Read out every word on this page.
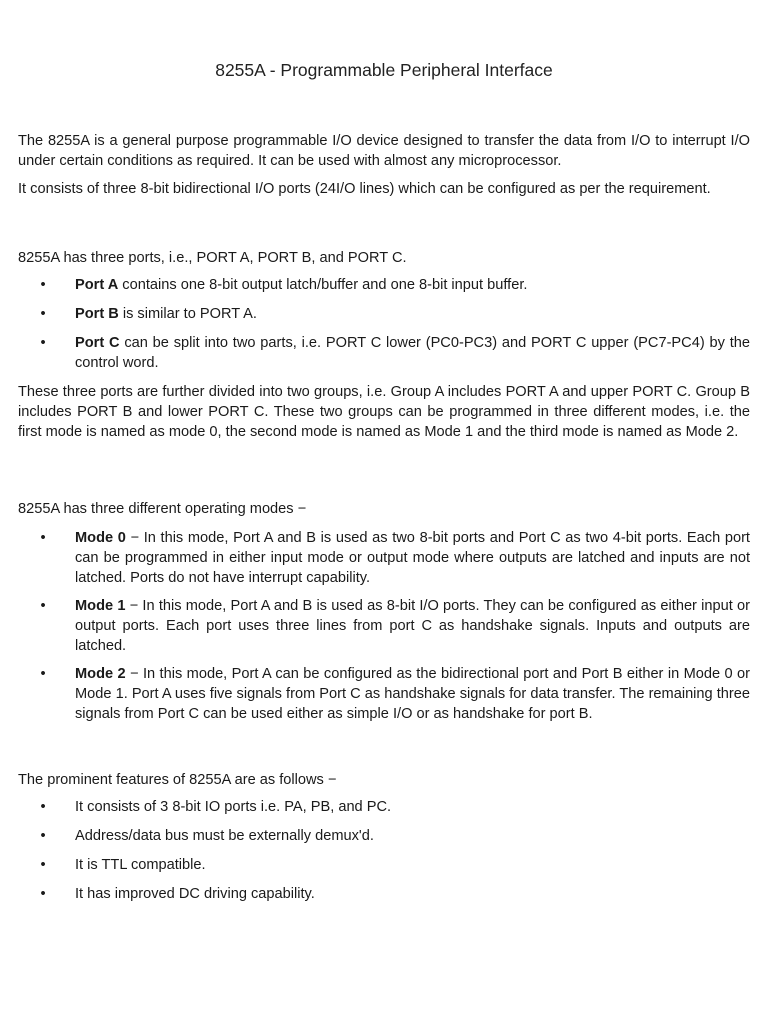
8255A - Programmable Peripheral Interface

The 8255A is a general purpose programmable I/O device designed to transfer the data from I/O to interrupt I/O under certain conditions as required. It can be used with almost any microprocessor.

It consists of three 8-bit bidirectional I/O ports (24I/O lines) which can be configured as per the requirement.

8255A has three ports, i.e., PORT A, PORT B, and PORT C.

• Port A contains one 8-bit output latch/buffer and one 8-bit input buffer.
• Port B is similar to PORT A.
• Port C can be split into two parts, i.e. PORT C lower (PC0-PC3) and PORT C upper (PC7-PC4) by the control word.

These three ports are further divided into two groups, i.e. Group A includes PORT A and upper PORT C. Group B includes PORT B and lower PORT C. These two groups can be programmed in three different modes, i.e. the first mode is named as mode 0, the second mode is named as Mode 1 and the third mode is named as Mode 2.

8255A has three different operating modes −

• Mode 0 − In this mode, Port A and B is used as two 8-bit ports and Port C as two 4-bit ports. Each port can be programmed in either input mode or output mode where outputs are latched and inputs are not latched. Ports do not have interrupt capability.
• Mode 1 − In this mode, Port A and B is used as 8-bit I/O ports. They can be configured as either input or output ports. Each port uses three lines from port C as handshake signals. Inputs and outputs are latched.
• Mode 2 − In this mode, Port A can be configured as the bidirectional port and Port B either in Mode 0 or Mode 1. Port A uses five signals from Port C as handshake signals for data transfer. The remaining three signals from Port C can be used either as simple I/O or as handshake for port B.

The prominent features of 8255A are as follows −

• It consists of 3 8-bit IO ports i.e. PA, PB, and PC.
• Address/data bus must be externally demux'd.
• It is TTL compatible.
• It has improved DC driving capability.
